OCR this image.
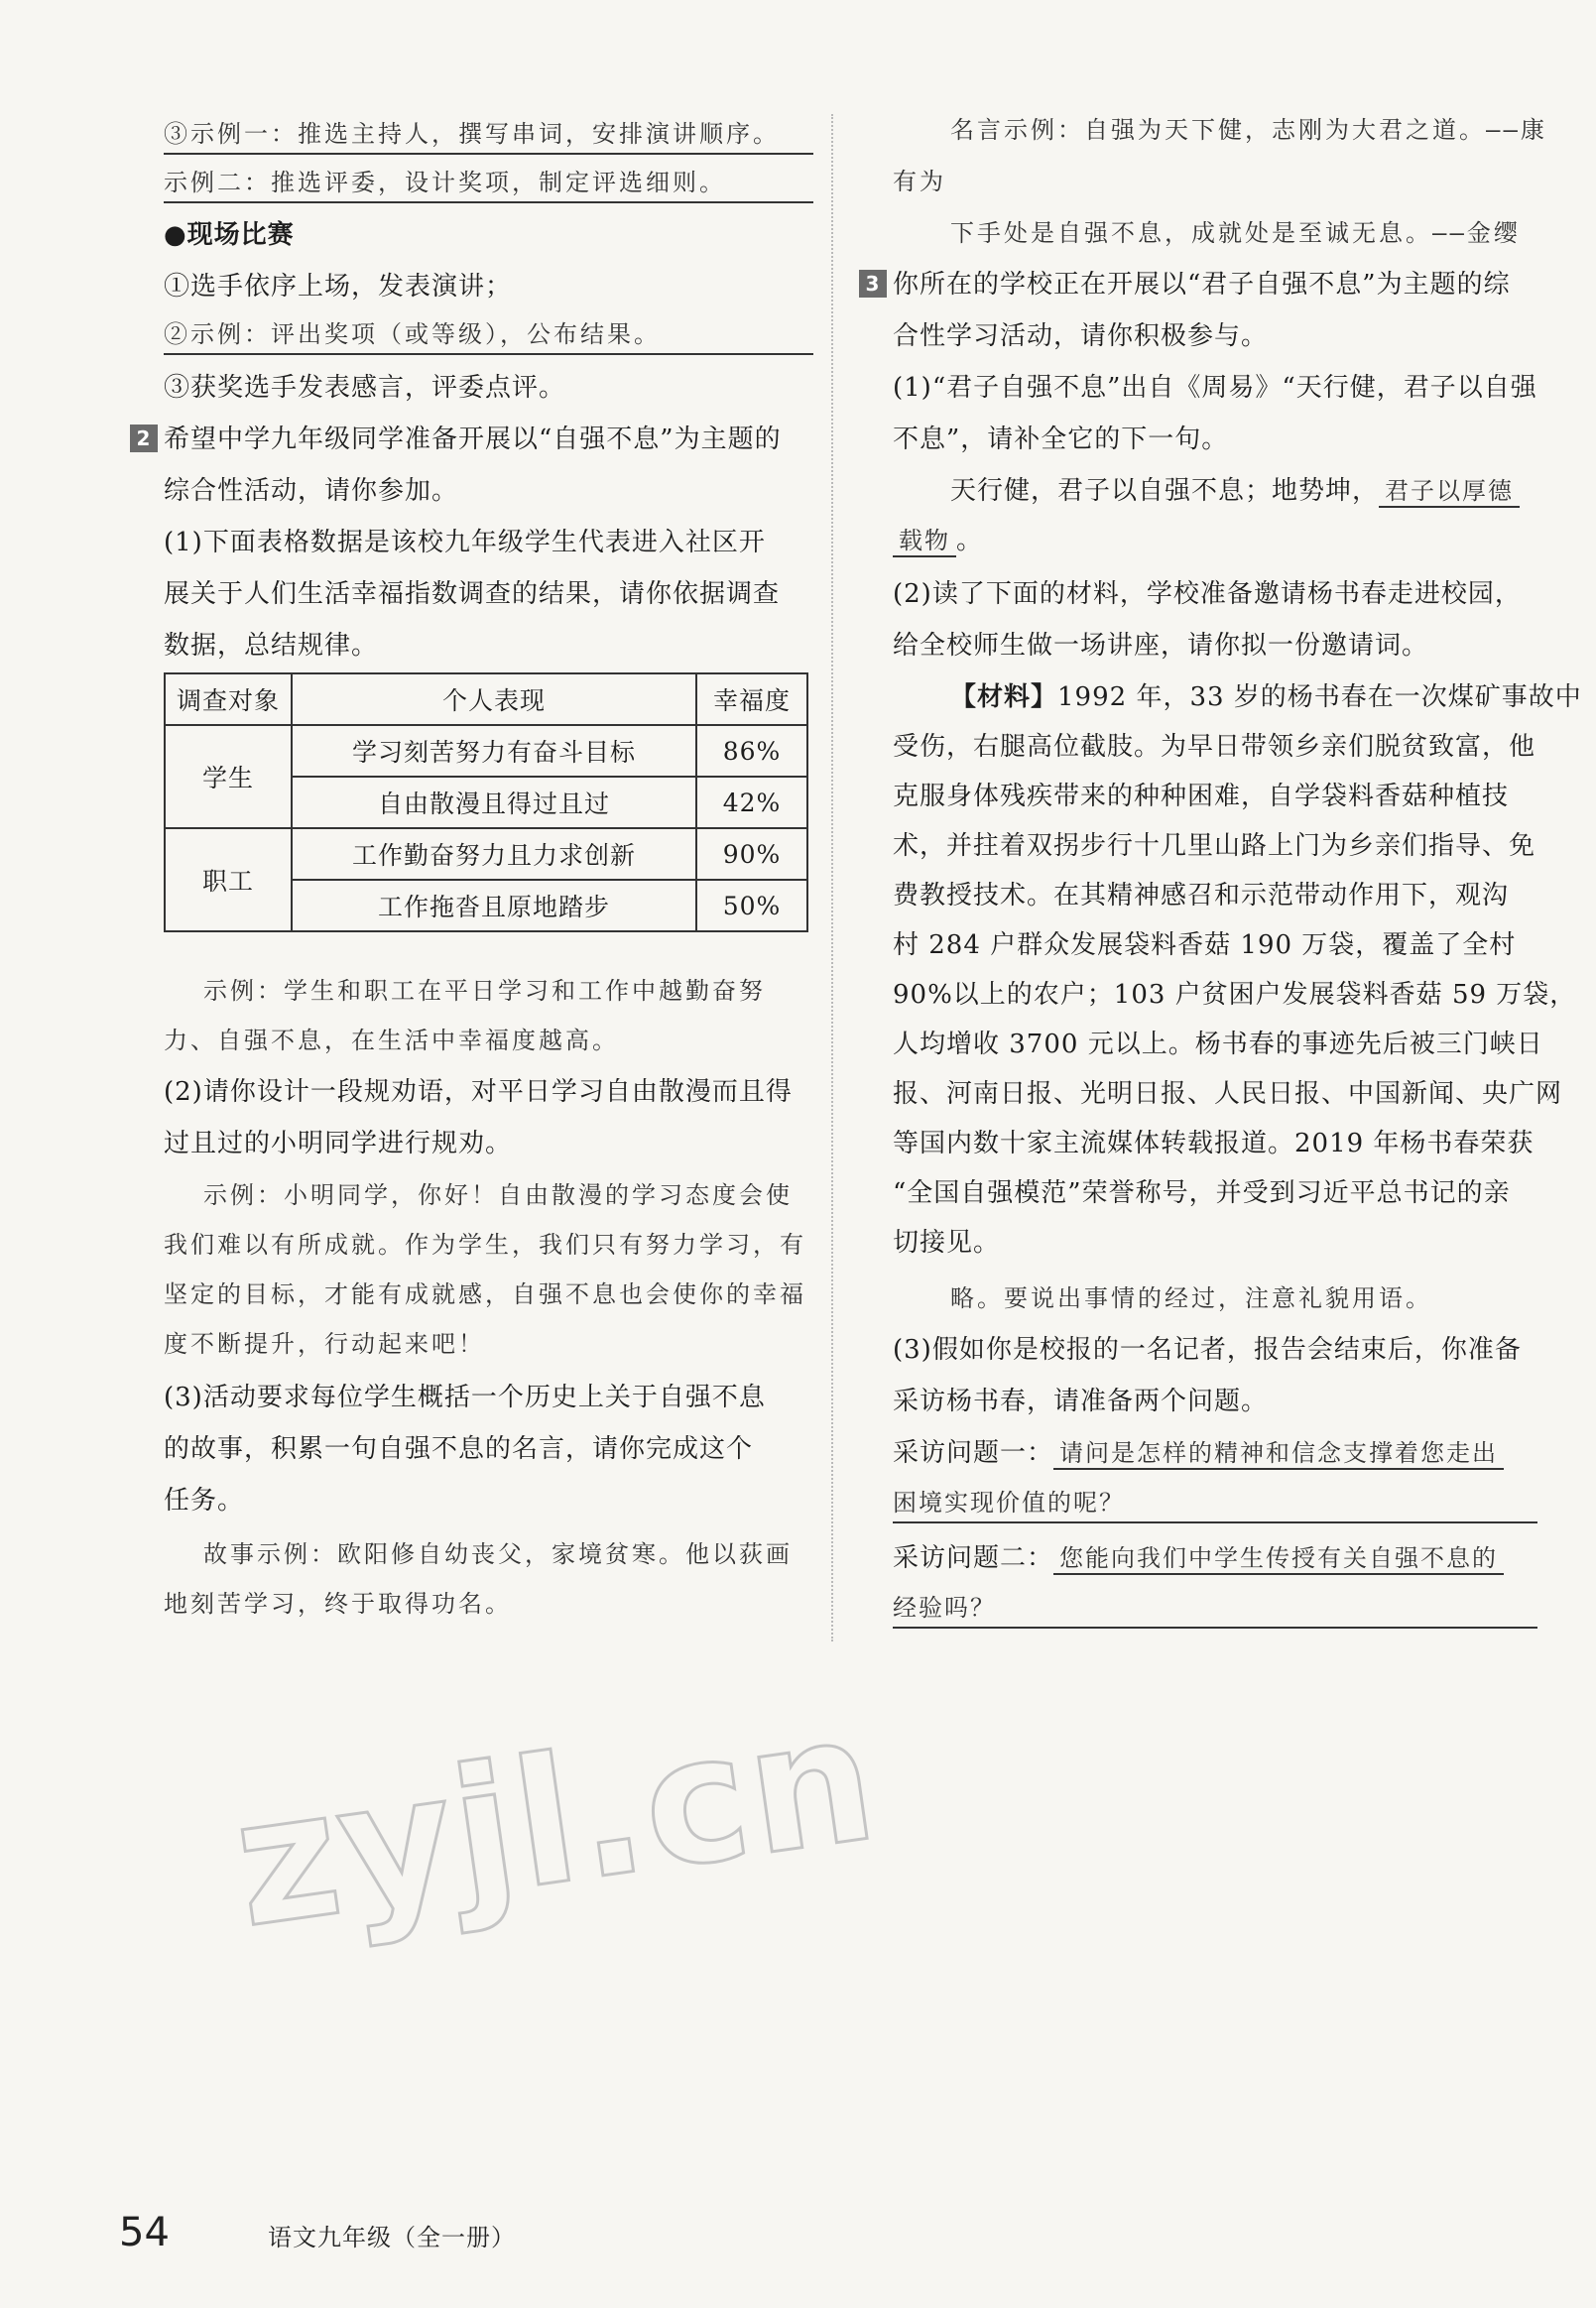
③示例一：推选主持人，撰写串词，安排演讲顺序。
示例二：推选评委，设计奖项，制定评选细则。
●现场比赛
①选手依序上场，发表演讲；
②示例：评出奖项（或等级），公布结果。
③获奖选手发表感言，评委点评。
2 希望中学九年级同学准备开展以“自强不息”为主题的
综合性活动，请你参加。
(1)下面表格数据是该校九年级学生代表进入社区开
展关于人们生活幸福指数调查的结果，请你依据调查
数据，总结规律。
调查对象	个人表现	幸福度
学生	学习刻苦努力有奋斗目标	86%
	自由散漫且得过且过	42%
职工	工作勤奋努力且力求创新	90%
	工作拖沓且原地踏步	50%
示例：学生和职工在平日学习和工作中越勤奋努
力、自强不息，在生活中幸福度越高。
(2)请你设计一段规劝语，对平日学习自由散漫而且得
过且过的小明同学进行规劝。
示例：小明同学，你好！自由散漫的学习态度会使
我们难以有所成就。作为学生，我们只有努力学习，有
坚定的目标，才能有成就感，自强不息也会使你的幸福
度不断提升，行动起来吧！
(3)活动要求每位学生概括一个历史上关于自强不息
的故事，积累一句自强不息的名言，请你完成这个
任务。
故事示例：欧阳修自幼丧父，家境贫寒。他以荻画
地刻苦学习，终于取得功名。
名言示例：自强为天下健，志刚为大君之道。——康
有为
下手处是自强不息，成就处是至诚无息。——金缨
3 你所在的学校正在开展以“君子自强不息”为主题的综
合性学习活动，请你积极参与。
(1)“君子自强不息”出自《周易》“天行健，君子以自强
不息”，请补全它的下一句。
天行健，君子以自强不息；地势坤， 君子以厚德
载物 。
(2)读了下面的材料，学校准备邀请杨书春走进校园，
给全校师生做一场讲座，请你拟一份邀请词。
【材料】1992 年，33 岁的杨书春在一次煤矿事故中
受伤，右腿高位截肢。为早日带领乡亲们脱贫致富，他
克服身体残疾带来的种种困难，自学袋料香菇种植技
术，并拄着双拐步行十几里山路上门为乡亲们指导、免
费教授技术。在其精神感召和示范带动作用下，观沟
村 284 户群众发展袋料香菇 190 万袋，覆盖了全村
90%以上的农户；103 户贫困户发展袋料香菇 59 万袋，
人均增收 3700 元以上。杨书春的事迹先后被三门峡日
报、河南日报、光明日报、人民日报、中国新闻、央广网
等国内数十家主流媒体转载报道。2019 年杨书春荣获
“全国自强模范”荣誉称号，并受到习近平总书记的亲
切接见。
略。要说出事情的经过，注意礼貌用语。
(3)假如你是校报的一名记者，报告会结束后，你准备
采访杨书春，请准备两个问题。
采访问题一： 请问是怎样的精神和信念支撑着您走出
困境实现价值的呢？
采访问题二： 您能向我们中学生传授有关自强不息的
经验吗？
zyjl.cn
54	语文九年级（全一册）
